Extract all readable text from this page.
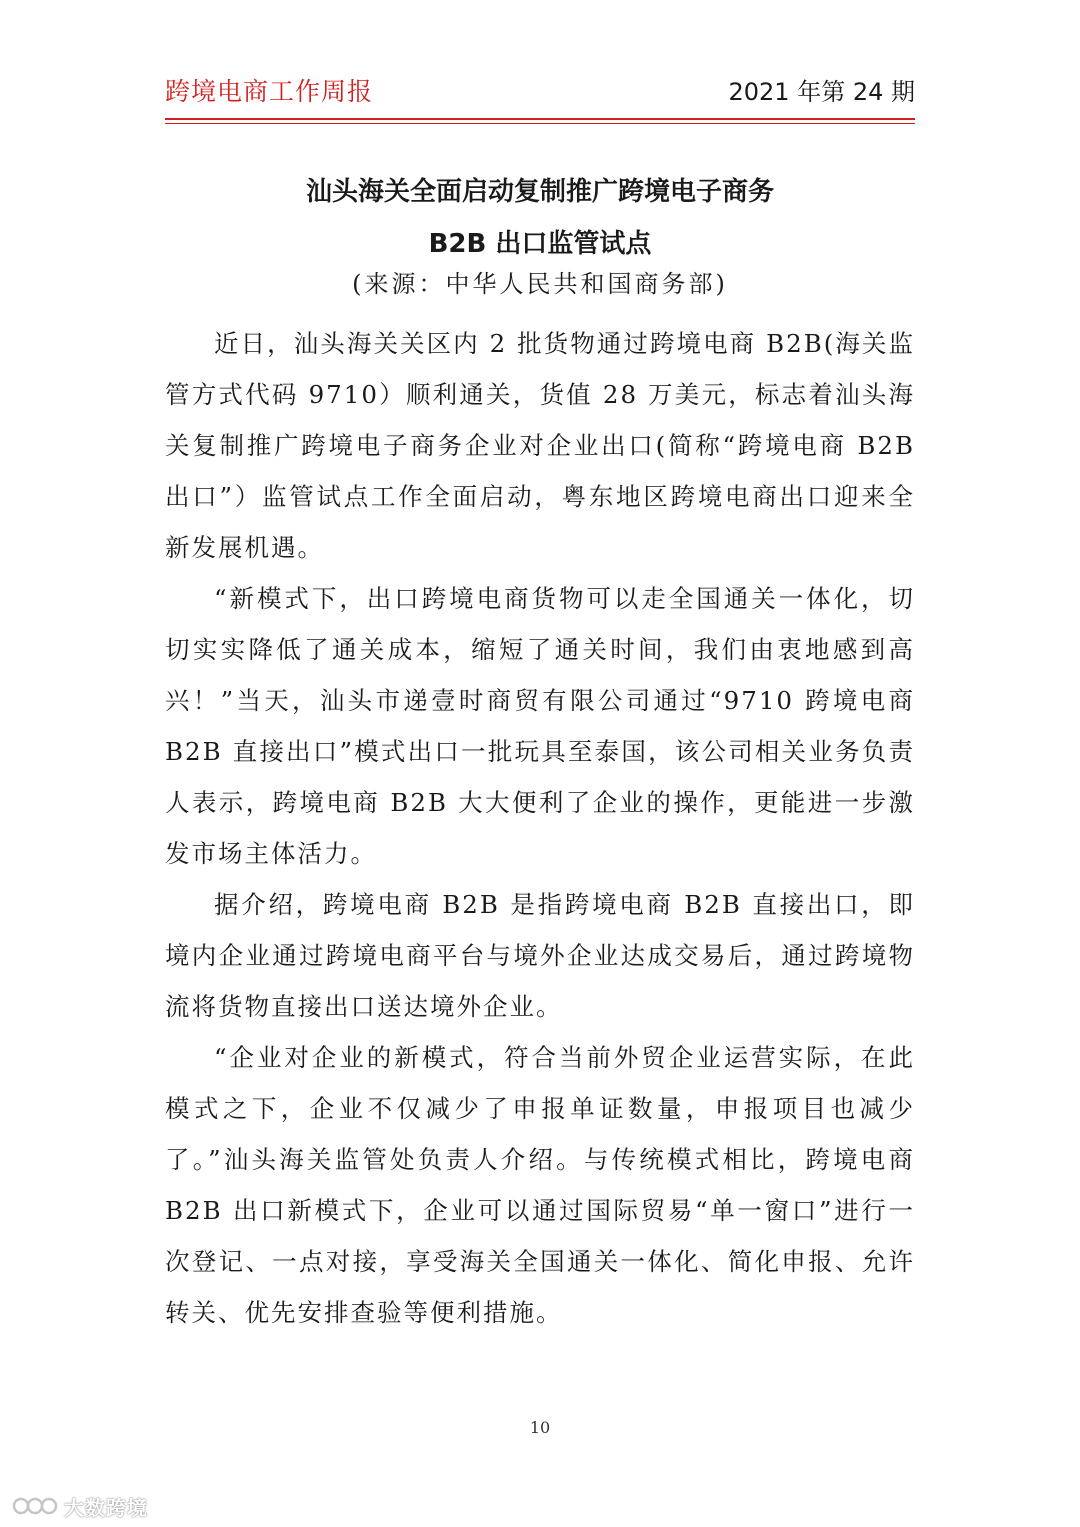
跨境电商工作周报	2021 年第 24 期
汕头海关全面启动复制推广跨境电子商务
B2B 出口监管试点
(来源：中华人民共和国商务部)

近日，汕头海关关区内 2 批货物通过跨境电商 B2B(海关监管方式代码 9710）顺利通关，货值 28 万美元，标志着汕头海关复制推广跨境电子商务企业对企业出口(简称“跨境电商 B2B 出口”）监管试点工作全面启动，粤东地区跨境电商出口迎来全新发展机遇。

“新模式下，出口跨境电商货物可以走全国通关一体化，切切实实降低了通关成本，缩短了通关时间，我们由衷地感到高兴！”当天，汕头市递壹时商贸有限公司通过“9710 跨境电商 B2B 直接出口”模式出口一批玩具至泰国，该公司相关业务负责人表示，跨境电商 B2B 大大便利了企业的操作，更能进一步激发市场主体活力。

据介绍，跨境电商 B2B 是指跨境电商 B2B 直接出口，即境内企业通过跨境电商平台与境外企业达成交易后，通过跨境物流将货物直接出口送达境外企业。

“企业对企业的新模式，符合当前外贸企业运营实际，在此模式之下，企业不仅减少了申报单证数量，申报项目也减少了。”汕头海关监管处负责人介绍。与传统模式相比，跨境电商 B2B 出口新模式下，企业可以通过国际贸易“单一窗口”进行一次登记、一点对接，享受海关全国通关一体化、简化申报、允许转关、优先安排查验等便利措施。

10
大数跨境
